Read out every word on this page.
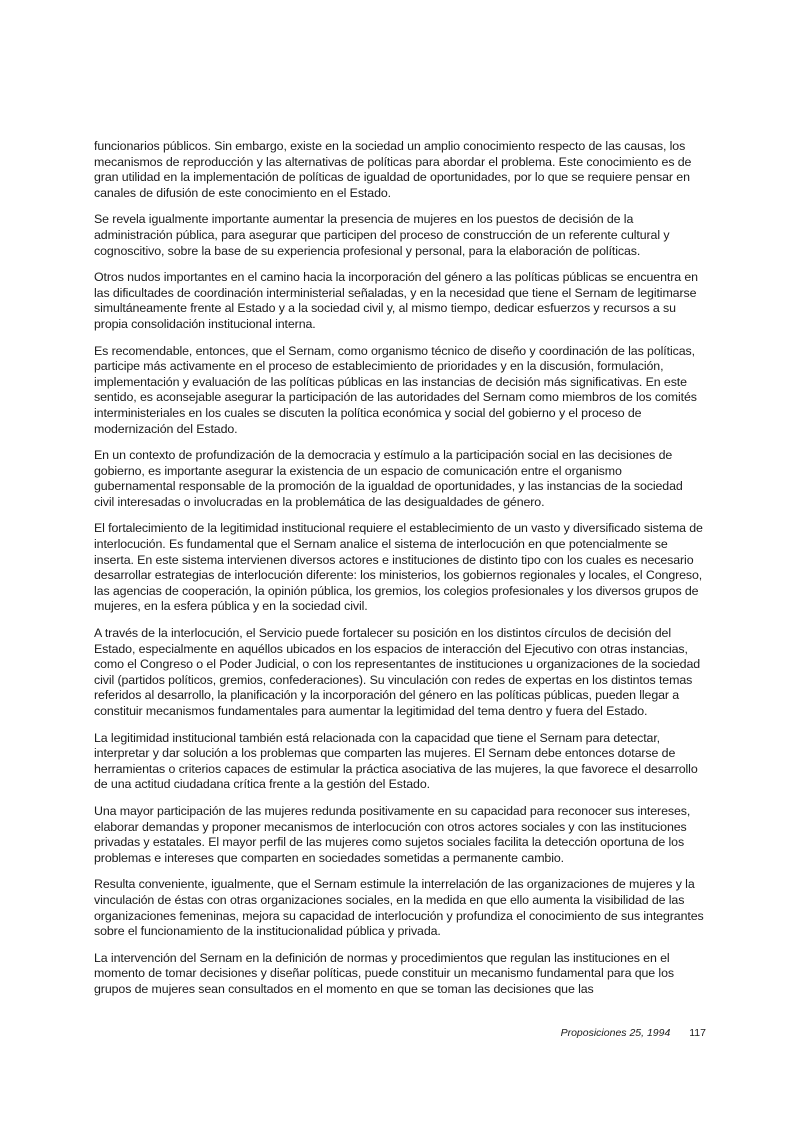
funcionarios públicos. Sin embargo, existe en la sociedad un amplio conocimiento respecto de las causas, los mecanismos de reproducción y las alternativas de políticas para abordar el problema. Este conocimiento es de gran utilidad en la implementación de políticas de igualdad de oportunidades, por lo que se requiere pensar en canales de difusión de este conocimiento en el Estado.

Se revela igualmente importante aumentar la presencia de mujeres en los puestos de decisión de la administración pública, para asegurar que participen del proceso de construcción de un referente cultural y cognoscitivo, sobre la base de su experiencia profesional y personal, para la elaboración de políticas.

Otros nudos importantes en el camino hacia la incorporación del género a las políticas públicas se encuentra en las dificultades de coordinación interministerial señaladas, y en la necesidad que tiene el Sernam de legitimarse simultáneamente frente al Estado y a la sociedad civil y, al mismo tiempo, dedicar esfuerzos y recursos a su propia consolidación institucional interna.

Es recomendable, entonces, que el Sernam, como organismo técnico de diseño y coordinación de las políticas, participe más activamente en el proceso de establecimiento de prioridades y en la discusión, formulación, implementación y evaluación de las políticas públicas en las instancias de decisión más significativas. En este sentido, es aconsejable asegurar la participación de las autoridades del Sernam como miembros de los comités interministeriales en los cuales se discuten la política económica y social del gobierno y el proceso de modernización del Estado.

En un contexto de profundización de la democracia y estímulo a la participación social en las decisiones de gobierno, es importante asegurar la existencia de un espacio de comunicación entre el organismo gubernamental responsable de la promoción de la igualdad de oportunidades, y las instancias de la sociedad civil interesadas o involucradas en la problemática de las desigualdades de género.

El fortalecimiento de la legitimidad institucional requiere el establecimiento de un vasto y diversificado sistema de interlocución. Es fundamental que el Sernam analice el sistema de interlocución en que potencialmente se inserta. En este sistema intervienen diversos actores e instituciones de distinto tipo con los cuales es necesario desarrollar estrategias de interlocución diferente: los ministerios, los gobiernos regionales y locales, el Congreso, las agencias de cooperación, la opinión pública, los gremios, los colegios profesionales y los diversos grupos de mujeres, en la esfera pública y en la sociedad civil.

A través de la interlocución, el Servicio puede fortalecer su posición en los distintos círculos de decisión del Estado, especialmente en aquéllos ubicados en los espacios de interacción del Ejecutivo con otras instancias, como el Congreso o el Poder Judicial, o con los representantes de instituciones u organizaciones de la sociedad civil (partidos políticos, gremios, confederaciones). Su vinculación con redes de expertas en los distintos temas referidos al desarrollo, la planificación y la incorporación del género en las políticas públicas, pueden llegar a constituir mecanismos fundamentales para aumentar la legitimidad del tema dentro y fuera del Estado.

La legitimidad institucional también está relacionada con la capacidad que tiene el Sernam para detectar, interpretar y dar solución a los problemas que comparten las mujeres. El Sernam debe entonces dotarse de herramientas o criterios capaces de estimular la práctica asociativa de las mujeres, la que favorece el desarrollo de una actitud ciudadana crítica frente a la gestión del Estado.

Una mayor participación de las mujeres redunda positivamente en su capacidad para reconocer sus intereses, elaborar demandas y proponer mecanismos de interlocución con otros actores sociales y con las instituciones privadas y estatales. El mayor perfil de las mujeres como sujetos sociales facilita la detección oportuna de los problemas e intereses que comparten en sociedades sometidas a permanente cambio.

Resulta conveniente, igualmente, que el Sernam estimule la interrelación de las organizaciones de mujeres y la vinculación de éstas con otras organizaciones sociales, en la medida en que ello aumenta la visibilidad de las organizaciones femeninas, mejora su capacidad de interlocución y profundiza el conocimiento de sus integrantes sobre el funcionamiento de la institucionalidad pública y privada.

La intervención del Sernam en la definición de normas y procedimientos que regulan las instituciones en el momento de tomar decisiones y diseñar políticas, puede constituir un mecanismo fundamental para que los grupos de mujeres sean consultados en el momento en que se toman las decisiones que las

Proposiciones 25, 1994 117
